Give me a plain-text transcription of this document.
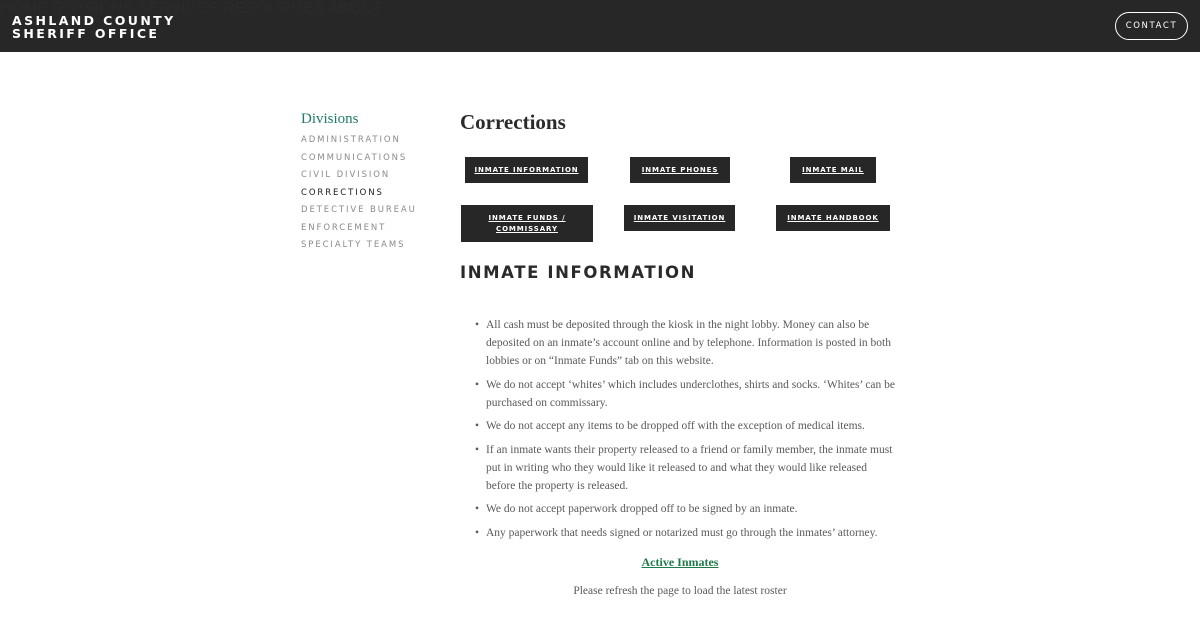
ASHLAND COUNTY
SHERIFF OFFICE
HOME DIVISIONS SERVICES RESOURCES ABOUT
CONTACT
Divisions
ADMINISTRATION
COMMUNICATIONS
CIVIL DIVISION
CORRECTIONS
DETECTIVE BUREAU
ENFORCEMENT
SPECIALTY TEAMS
Corrections
INMATE INFORMATION	INMATE PHONES	INMATE MAIL
INMATE FUNDS /
COMMISSARY
INMATE VISITATION	INMATE HANDBOOK
INMATE INFORMATION
• All cash must be deposited through the kiosk in the night lobby. Money can also be deposited on an inmate’s account online and by telephone. Information is posted in both lobbies or on “Inmate Funds” tab on this website.
• We do not accept ‘whites’ which includes underclothes, shirts and socks. ‘Whites’ can be purchased on commissary.
• We do not accept any items to be dropped off with the exception of medical items.
• If an inmate wants their property released to a friend or family member, the inmate must put in writing who they would like it released to and what they would like released before the property is released.
• We do not accept paperwork dropped off to be signed by an inmate.
• Any paperwork that needs signed or notarized must go through the inmates’ attorney.
Active Inmates
Please refresh the page to load the latest roster
